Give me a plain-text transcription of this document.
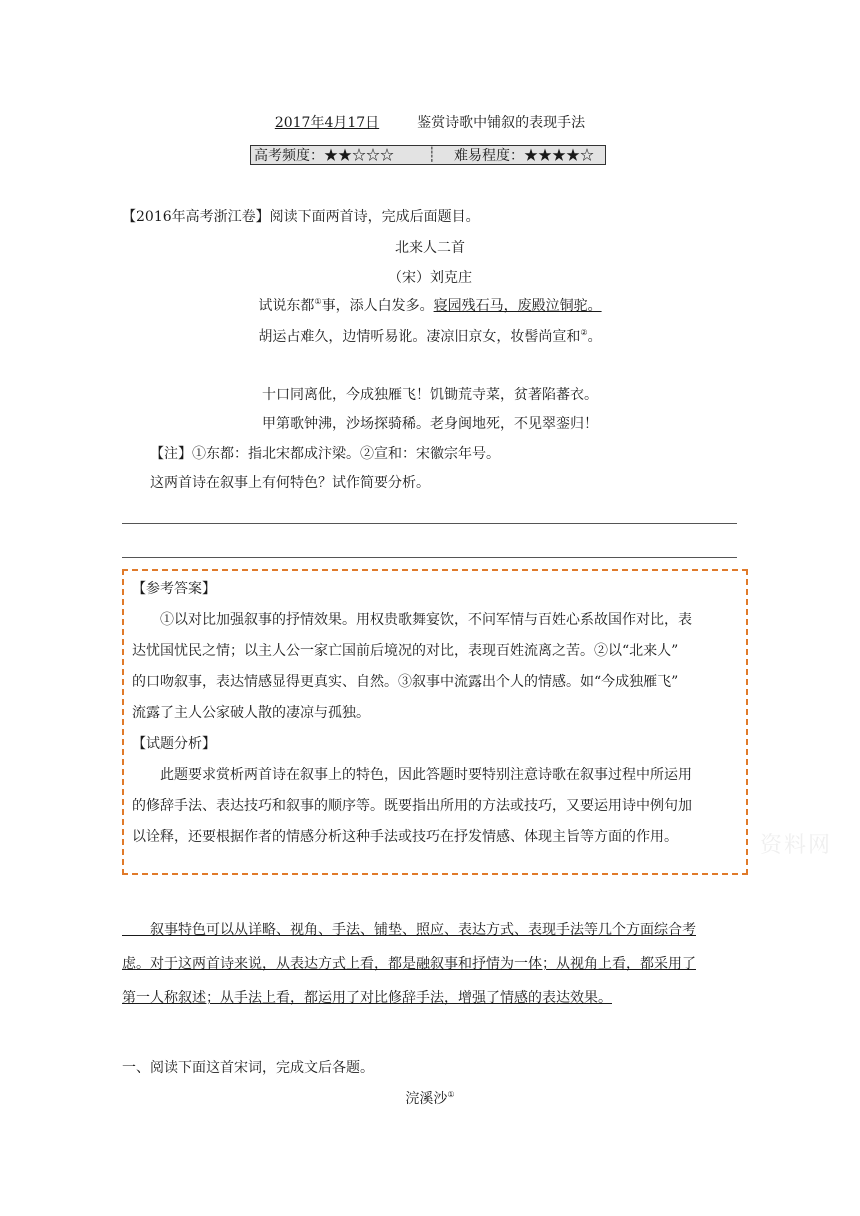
2017年4月17日	鉴赏诗歌中铺叙的表现手法
高考频度：★★☆☆☆	┊	难易程度：★★★★☆
【2016年高考浙江卷】阅读下面两首诗，完成后面题目。
北来人二首
（宋）刘克庄
试说东都①事，添人白发多。寝园残石马，废殿泣铜驼。
胡运占难久，边情听易讹。凄凉旧京女，妆髻尚宣和②。
十口同离仳，今成独雁飞！饥锄荒寺菜，贫著陷蕃衣。
甲第歌钟沸，沙场探骑稀。老身闽地死，不见翠銮归！
【注】①东都：指北宋都成汴梁。②宣和：宋徽宗年号。
这两首诗在叙事上有何特色？试作简要分析。
【参考答案】
　　①以对比加强叙事的抒情效果。用权贵歌舞宴饮，不问军情与百姓心系故国作对比，表
达忧国忧民之情；以主人公一家亡国前后境况的对比，表现百姓流离之苦。②以“北来人”
的口吻叙事，表达情感显得更真实、自然。③叙事中流露出个人的情感。如“今成独雁飞”
流露了主人公家破人散的凄凉与孤独。
【试题分析】
　　此题要求赏析两首诗在叙事上的特色，因此答题时要特别注意诗歌在叙事过程中所运用
的修辞手法、表达技巧和叙事的顺序等。既要指出所用的方法或技巧，又要运用诗中例句加
以诠释，还要根据作者的情感分析这种手法或技巧在抒发情感、体现主旨等方面的作用。	资料网
　　叙事特色可以从详略、视角、手法、铺垫、照应、表达方式、表现手法等几个方面综合考
虑。对于这两首诗来说，从表达方式上看，都是融叙事和抒情为一体；从视角上看，都采用了
第一人称叙述；从手法上看，都运用了对比修辞手法，增强了情感的表达效果。
一、阅读下面这首宋词，完成文后各题。
浣溪沙①
